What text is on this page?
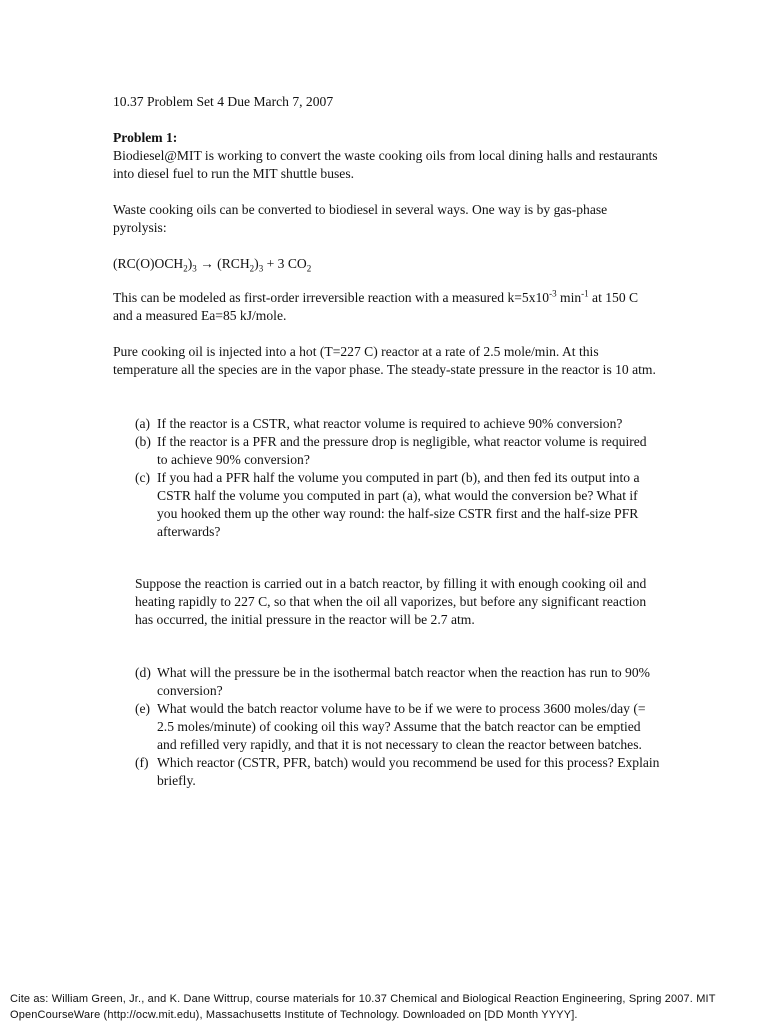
10.37 Problem Set 4 Due March 7, 2007

Problem 1:

Biodiesel@MIT is working to convert the waste cooking oils from local dining halls and restaurants into diesel fuel to run the MIT shuttle buses.

Waste cooking oils can be converted to biodiesel in several ways. One way is by gas-phase pyrolysis:

$(RC(O)OCH_2)_3 \to (RCH_2)_3 + 3$ $CO_2$

This can be modeled as first-order irreversible reaction with a measured $k=5x10^{-3}$ $\min^{-1}$ at 150 C and a measured Ea=85 kJ/mole.

Pure cooking oil is injected into a hot (T=227 C) reactor at a rate of 2.5 mole/min. At this temperature all the species are in the vapor phase. The steady-state pressure in the reactor is 10 atm.

(a) If the reactor is a CSTR, what reactor volume is required to achieve 90% conversion?
(b) If the reactor is a PFR and the pressure drop is negligible, what reactor volume is required to achieve 90% conversion?
(c) If you had a PFR half the volume you computed in part (b), and then fed its output into a CSTR half the volume you computed in part (a), what would the conversion be? What if you hooked them up the other way round: the half-size CSTR first and the half-size PFR afterwards?

Suppose the reaction is carried out in a batch reactor, by filling it with enough cooking oil and heating rapidly to 227 C, so that when the oil all vaporizes, but before any significant reaction has occurred, the initial pressure in the reactor will be 2.7 atm.

(d) What will the pressure be in the isothermal batch reactor when the reaction has run to 90% conversion?
(e) What would the batch reactor volume have to be if we were to process 3600 moles/day (= 2.5 moles/minute) of cooking oil this way? Assume that the batch reactor can be emptied and refilled very rapidly, and that it is not necessary to clean the reactor between batches.
(f) Which reactor (CSTR, PFR, batch) would you recommend be used for this process? Explain briefly.
Cite as: William Green, Jr., and K. Dane Wittrup, course materials for 10.37 Chemical and Biological Reaction Engineering, Spring 2007. MIT OpenCourseWare (http://ocw.mit.edu), Massachusetts Institute of Technology. Downloaded on [DD Month YYYY].
